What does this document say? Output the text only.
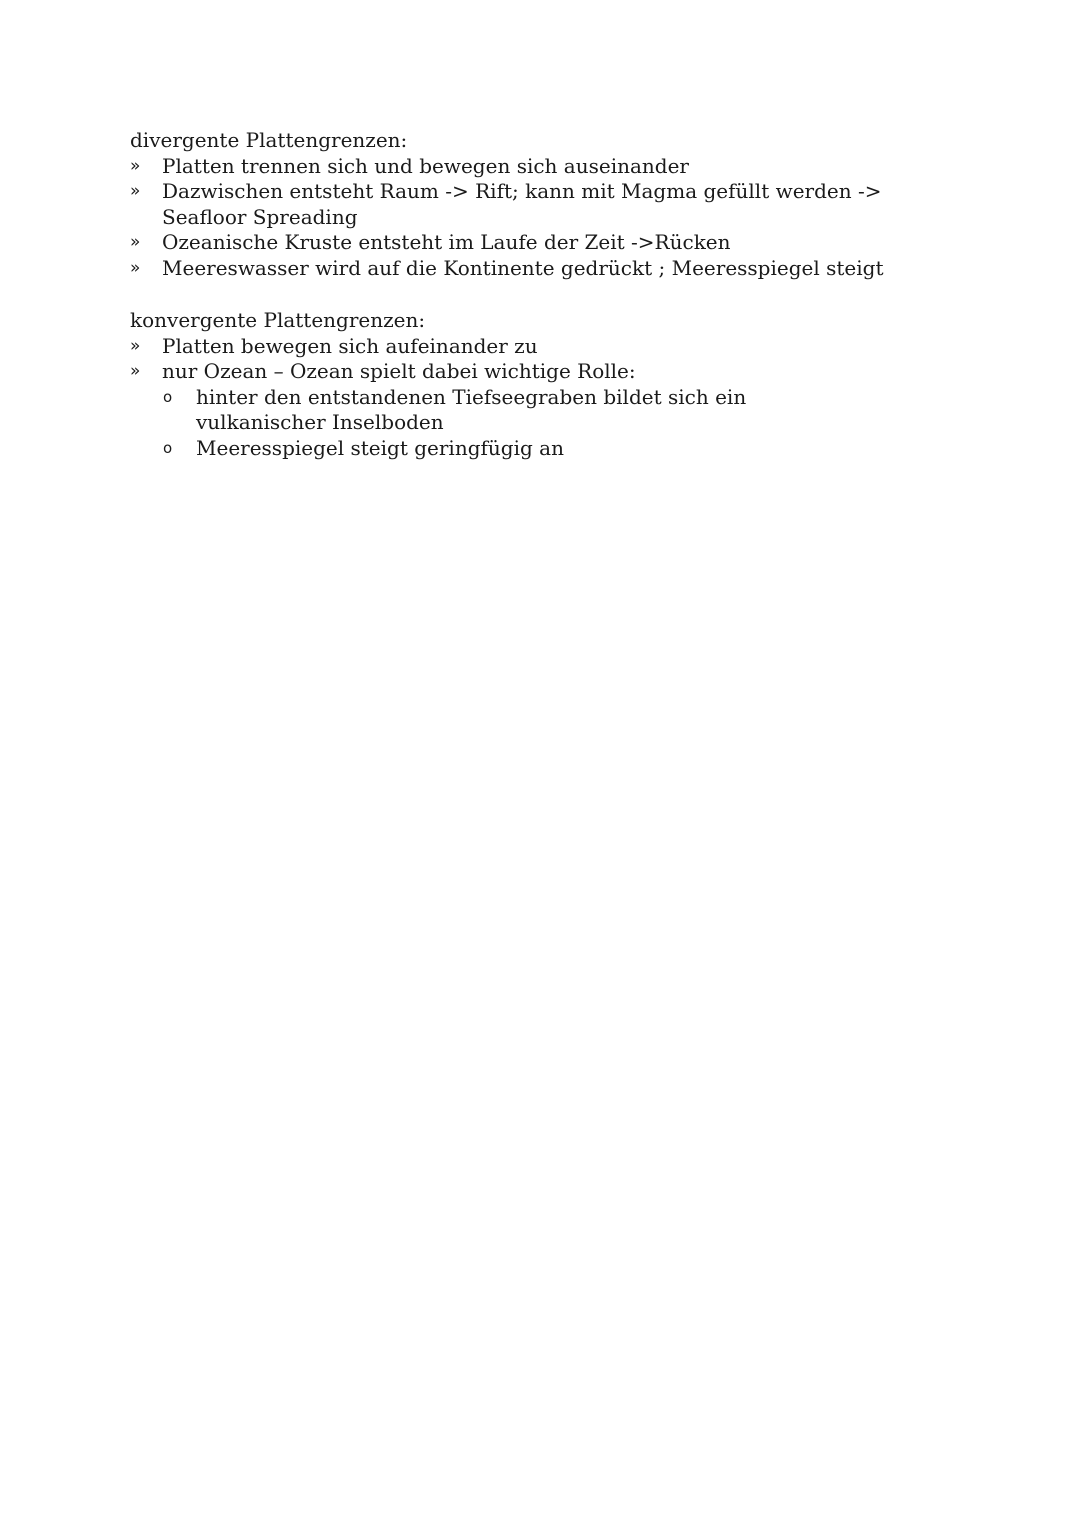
divergente Plattengrenzen:

»	Platten trennen sich und bewegen sich auseinander
»	Dazwischen entsteht Raum -> Rift; kann mit Magma gefüllt werden -> Seafloor Spreading
»	Ozeanische Kruste entsteht im Laufe der Zeit ->Rücken
»	Meereswasser wird auf die Kontinente gedrückt ; Meeresspiegel steigt

konvergente Plattengrenzen:

»	Platten bewegen sich aufeinander zu
»	nur Ozean – Ozean spielt dabei wichtige Rolle:
o hinter den entstandenen Tiefseegraben bildet sich ein vulkanischer Inselboden
o Meeresspiegel steigt geringfügig an
